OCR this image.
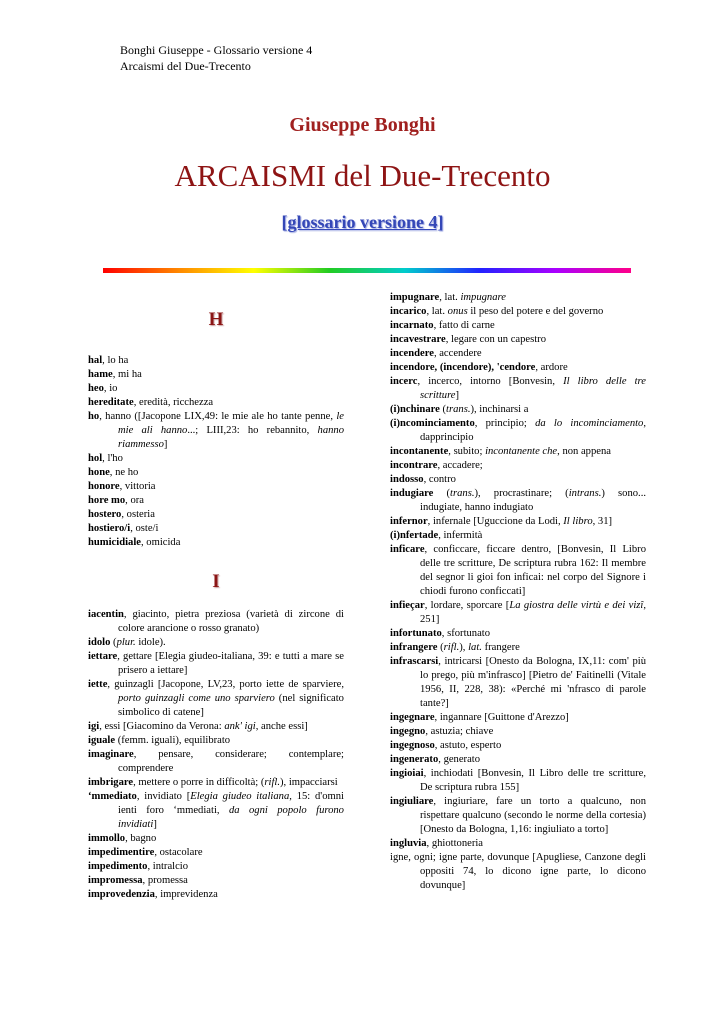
Bonghi Giuseppe - Glossario versione 4
Arcaismi del Due-Trecento
Giuseppe Bonghi
ARCAISMI del Due-Trecento
[glossario versione 4]
H

hal, lo ha

hame, mi ha

heo, io

hereditate, eredità, ricchezza

ho, hanno ([Jacopone LIX,49: le mie ale ho tante penne, le mie ali hanno...; LIII,23: ho rebannito, hanno riammesso]

hol, l'ho

hone, ne ho

honore, vittoria

hore mo, ora

hostero, osteria

hostiero/i, oste/i

humicidiale, omicida

I

iacentin, giacinto, pietra preziosa (varietà di zircone di colore arancione o rosso granato)

idolo (plur. idole).

iettare, gettare [Elegia giudeo-italiana, 39: e tutti a mare se prisero a iettare]

iette, guinzagli [Jacopone, LV,23, porto iette de sparviere, porto guinzagli come uno sparviero (nel significato simbolico di catene]

igi, essi [Giacomino da Verona: ank' igi, anche essi]

iguale (femm. iguali), equilibrato

imaginare, pensare, considerare; contemplare; comprendere

imbrigare, mettere o porre in difficoltà; (rifl.), impacciarsi

‘mmediato, invidiato [Elegia giudeo italiana, 15: d'omni ienti foro ‘mmediati, da ogni popolo furono invidiati]

immollo, bagno

impedimentire, ostacolare

impedimento, intralcio

impromessa, promessa

improvedenzia, imprevidenza

impugnare, lat. impugnare

incarico, lat. onus il peso del potere e del governo

incarnato, fatto di carne

incavestrare, legare con un capestro

incendere, accendere

incendore, (incendore), 'cendore, ardore

incerc, incerco, intorno [Bonvesin, Il libro delle tre scritture]

(i)nchinare (trans.), inchinarsi a

(i)ncominciamento, principio; da lo incominciamento, dapprincipio

incontanente, subito; incontanente che, non appena

incontrare, accadere;

indosso, contro

indugiare (trans.), procrastinare; (intrans.) sono... indugiate, hanno indugiato

infernor, infernale [Uguccione da Lodi, Il libro, 31]

(i)nfertade, infermità

inficare, conficcare, ficcare dentro, [Bonvesin, Il Libro delle tre scritture, De scriptura rubra 162: Il membre del segnor li gioi fon inficai: nel corpo del Signore i chiodi furono conficcati]

infieçar, lordare, sporcare [La giostra delle virtù e dei vizî, 251]

infortunato, sfortunato

infrangere (rifl.), lat. frangere

infrascarsi, intricarsi [Onesto da Bologna, IX,11: com' più lo prego, più m'infrasco] [Pietro de' Faitinelli (Vitale 1956, II, 228, 38): «Perché mi 'nfrasco di parole tante?]

ingegnare, ingannare [Guittone d'Arezzo]

ingegno, astuzia; chiave

ingegnoso, astuto, esperto

ingenerato, generato

ingioiai, inchiodati [Bonvesin, Il Libro delle tre scritture, De scriptura rubra 155]

ingiuliare, ingiuriare, fare un torto a qualcuno, non rispettare qualcuno (secondo le norme della cortesia) [Onesto da Bologna, 1,16: ingiuliato a torto]

ingluvia, ghiottoneria

igne, ogni; igne parte, dovunque [Apugliese, Canzone degli oppositi 74, lo dicono igne parte, lo dicono dovunque]
